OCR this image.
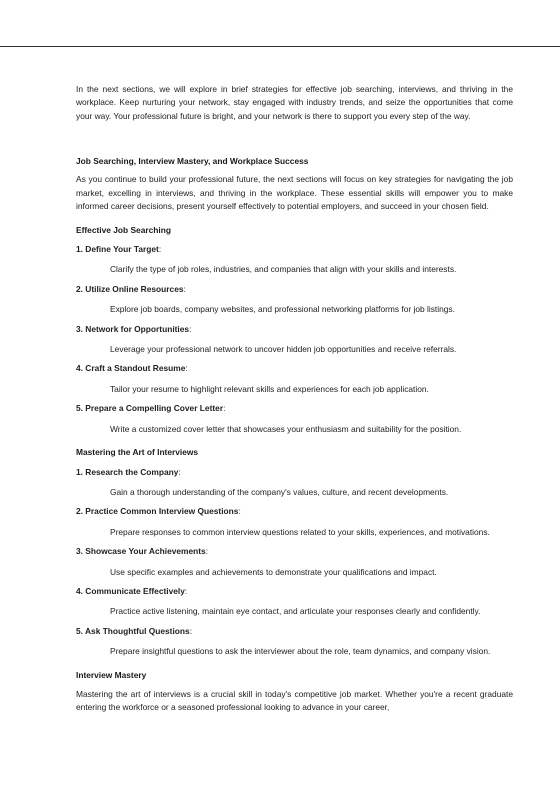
In the next sections, we will explore in brief strategies for effective job searching, interviews, and thriving in the workplace. Keep nurturing your network, stay engaged with industry trends, and seize the opportunities that come your way. Your professional future is bright, and your network is there to support you every step of the way.

Job Searching, Interview Mastery, and Workplace Success

As you continue to build your professional future, the next sections will focus on key strategies for navigating the job market, excelling in interviews, and thriving in the workplace. These essential skills will empower you to make informed career decisions, present yourself effectively to potential employers, and succeed in your chosen field.

Effective Job Searching
1. Define Your Target:
Clarify the type of job roles, industries, and companies that align with your skills and interests.
2. Utilize Online Resources:
Explore job boards, company websites, and professional networking platforms for job listings.
3. Network for Opportunities:
Leverage your professional network to uncover hidden job opportunities and receive referrals.
4. Craft a Standout Resume:
Tailor your resume to highlight relevant skills and experiences for each job application.
5. Prepare a Compelling Cover Letter:
Write a customized cover letter that showcases your enthusiasm and suitability for the position.
Mastering the Art of Interviews
1. Research the Company:
Gain a thorough understanding of the company's values, culture, and recent developments.
2. Practice Common Interview Questions:
Prepare responses to common interview questions related to your skills, experiences, and motivations.
3. Showcase Your Achievements:
Use specific examples and achievements to demonstrate your qualifications and impact.
4. Communicate Effectively:
Practice active listening, maintain eye contact, and articulate your responses clearly and confidently.
5. Ask Thoughtful Questions:
Prepare insightful questions to ask the interviewer about the role, team dynamics, and company vision.
Interview Mastery

Mastering the art of interviews is a crucial skill in today's competitive job market. Whether you're a recent graduate entering the workforce or a seasoned professional looking to advance in your career,
